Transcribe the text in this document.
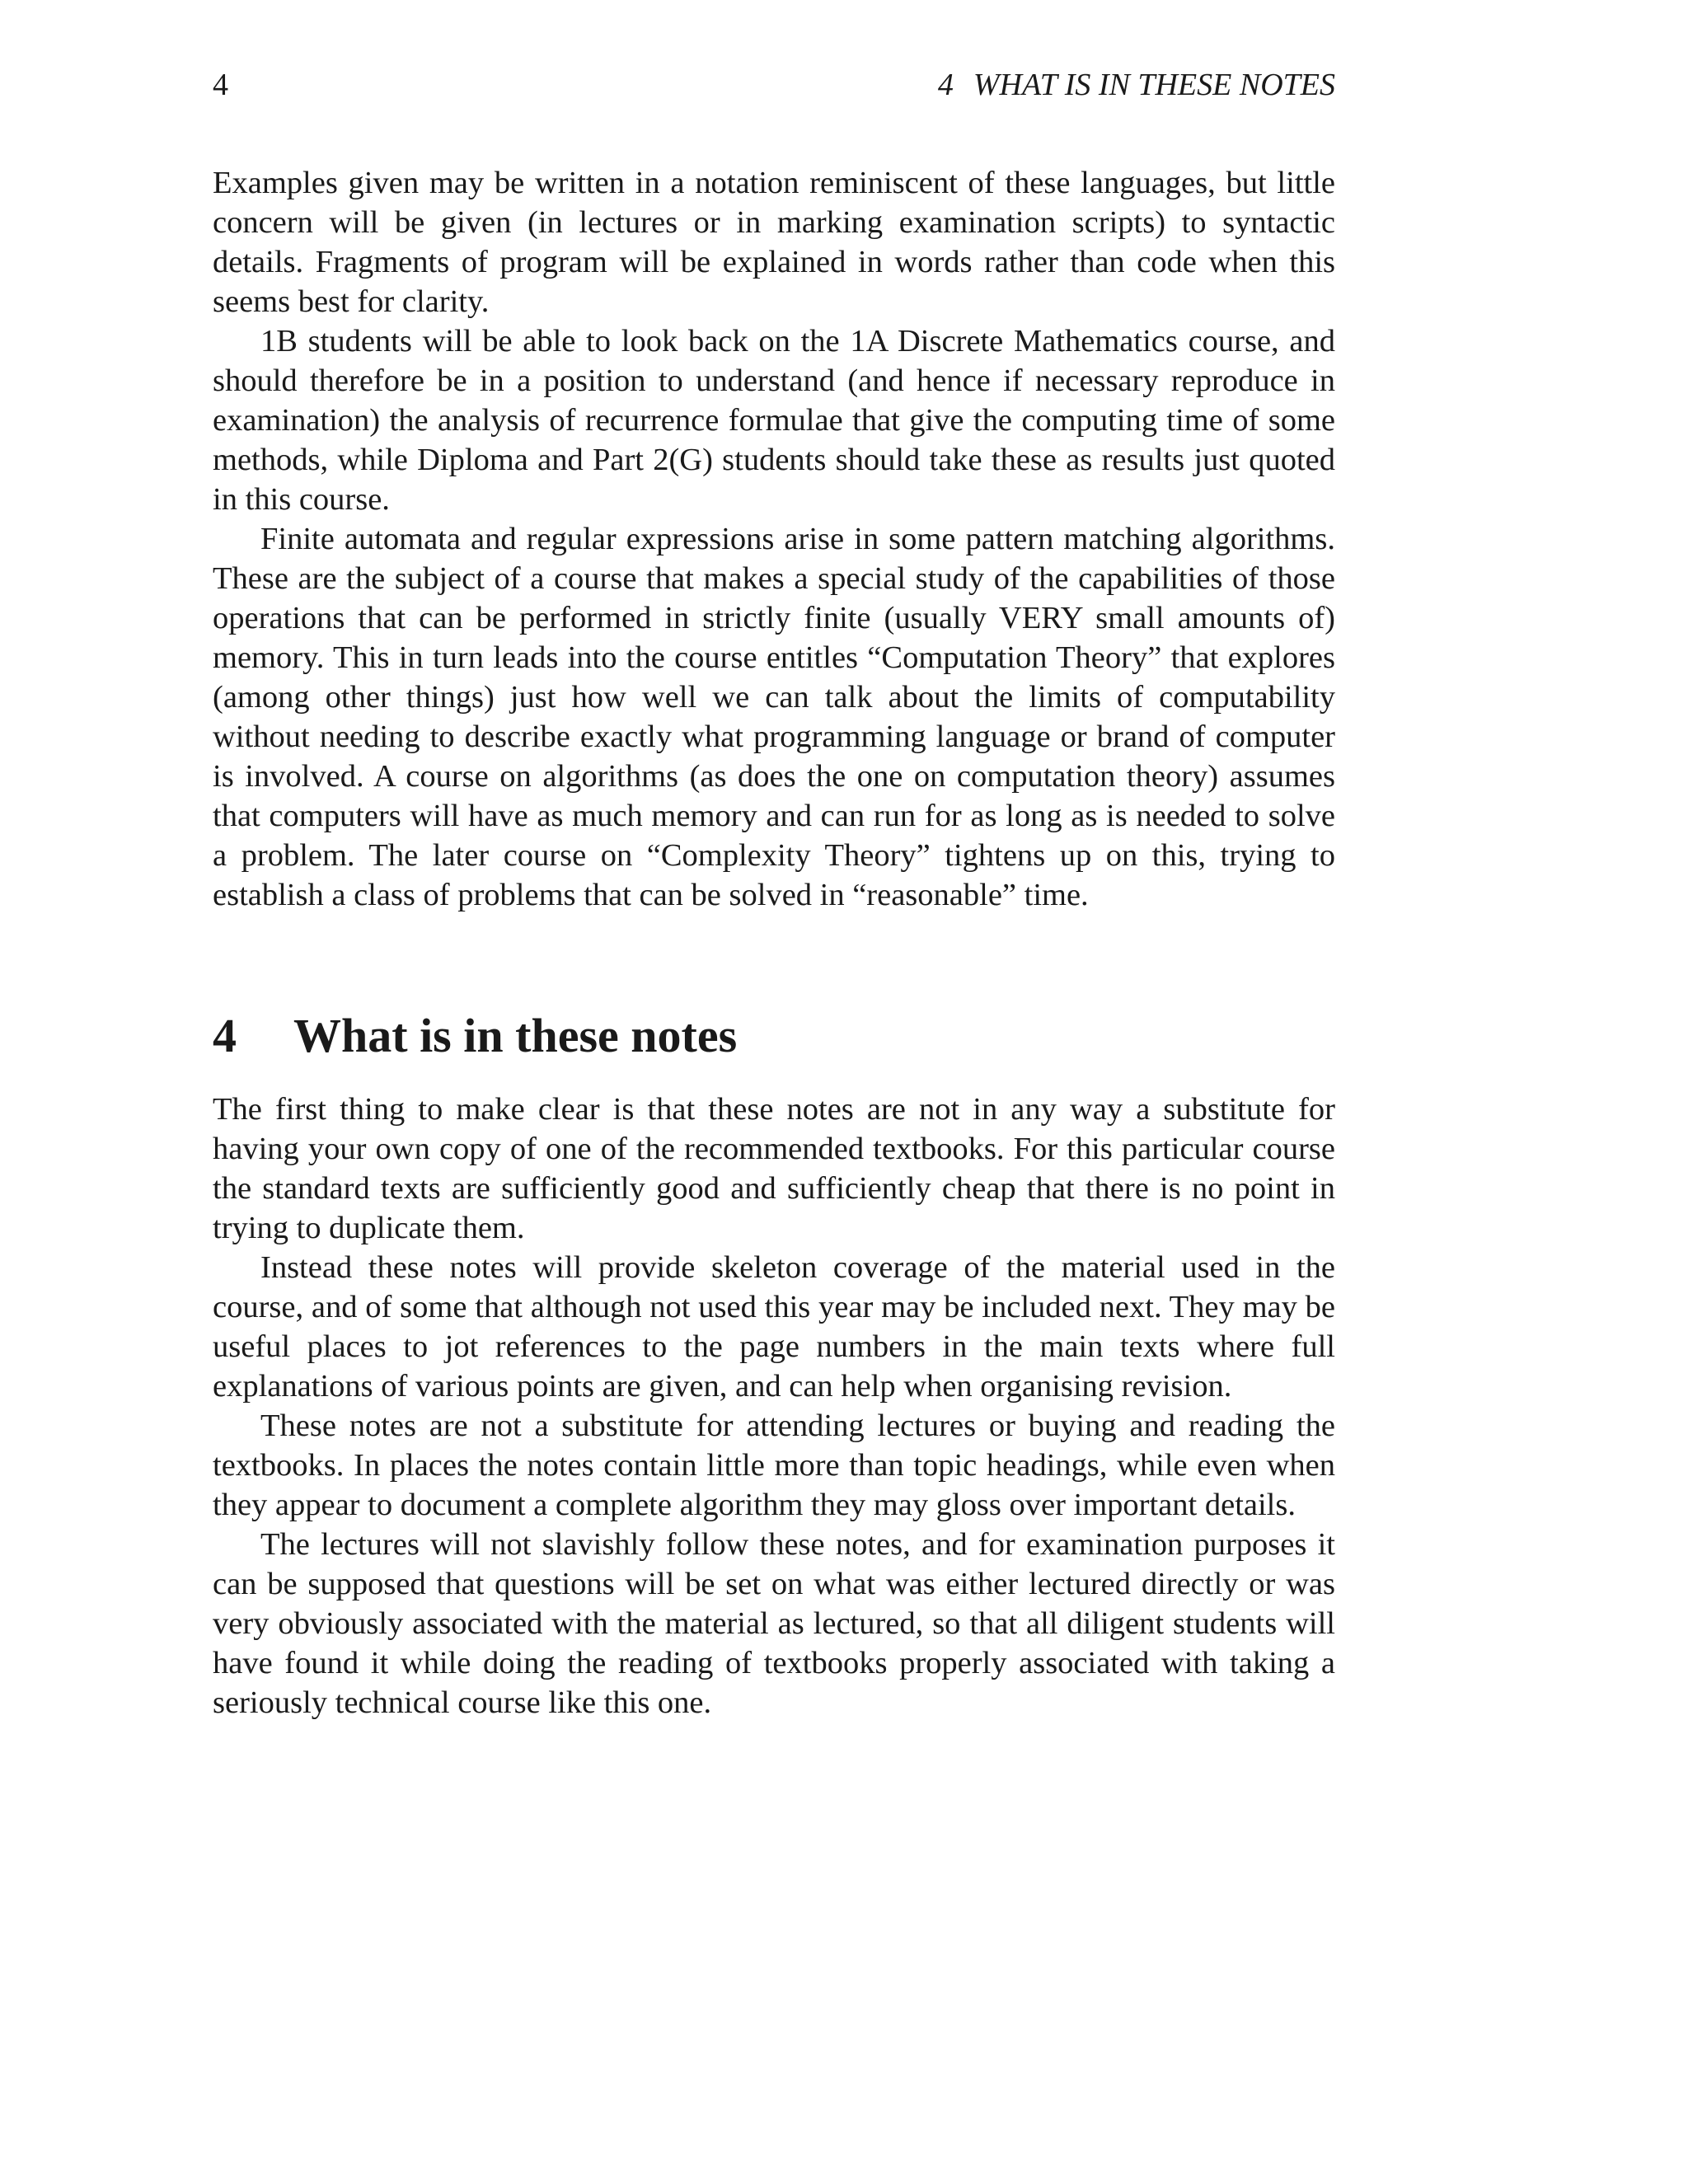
4	4 WHAT IS IN THESE NOTES

Examples given may be written in a notation reminiscent of these languages, but little concern will be given (in lectures or in marking examination scripts) to syntactic details. Fragments of program will be explained in words rather than code when this seems best for clarity.

1B students will be able to look back on the 1A Discrete Mathematics course, and should therefore be in a position to understand (and hence if necessary reproduce in examination) the analysis of recurrence formulae that give the computing time of some methods, while Diploma and Part 2(G) students should take these as results just quoted in this course.

Finite automata and regular expressions arise in some pattern matching algorithms. These are the subject of a course that makes a special study of the capabilities of those operations that can be performed in strictly finite (usually VERY small amounts of) memory. This in turn leads into the course entitles “Computation Theory” that explores (among other things) just how well we can talk about the limits of computability without needing to describe exactly what programming language or brand of computer is involved. A course on algorithms (as does the one on computation theory) assumes that computers will have as much memory and can run for as long as is needed to solve a problem. The later course on “Complexity Theory” tightens up on this, trying to establish a class of problems that can be solved in “reasonable” time.

4 What is in these notes

The first thing to make clear is that these notes are not in any way a substitute for having your own copy of one of the recommended textbooks. For this particular course the standard texts are sufficiently good and sufficiently cheap that there is no point in trying to duplicate them.

Instead these notes will provide skeleton coverage of the material used in the course, and of some that although not used this year may be included next. They may be useful places to jot references to the page numbers in the main texts where full explanations of various points are given, and can help when organising revision.

These notes are not a substitute for attending lectures or buying and reading the textbooks. In places the notes contain little more than topic headings, while even when they appear to document a complete algorithm they may gloss over important details.

The lectures will not slavishly follow these notes, and for examination purposes it can be supposed that questions will be set on what was either lectured directly or was very obviously associated with the material as lectured, so that all diligent students will have found it while doing the reading of textbooks properly associated with taking a seriously technical course like this one.
